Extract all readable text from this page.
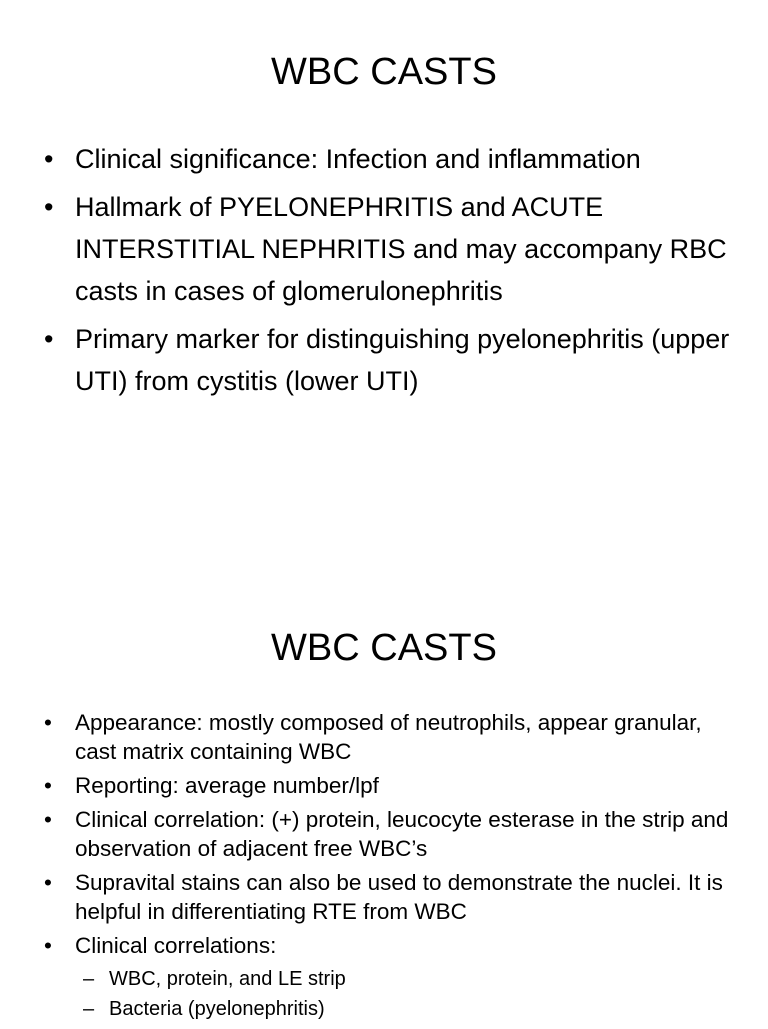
WBC CASTS
• Clinical significance: Infection and inflammation
• Hallmark of PYELONEPHRITIS and ACUTE INTERSTITIAL NEPHRITIS and may accompany RBC casts in cases of glomerulonephritis
• Primary marker for distinguishing pyelonephritis (upper UTI) from cystitis (lower UTI)
WBC CASTS
• Appearance: mostly composed of neutrophils, appear granular, cast matrix containing WBC
• Reporting: average number/lpf
• Clinical correlation: (+) protein, leucocyte esterase in the strip and observation of adjacent free WBC’s
• Supravital stains can also be used to demonstrate the nuclei. It is helpful in differentiating RTE from WBC
• Clinical correlations:
– WBC, protein, and LE strip
– Bacteria (pyelonephritis)
